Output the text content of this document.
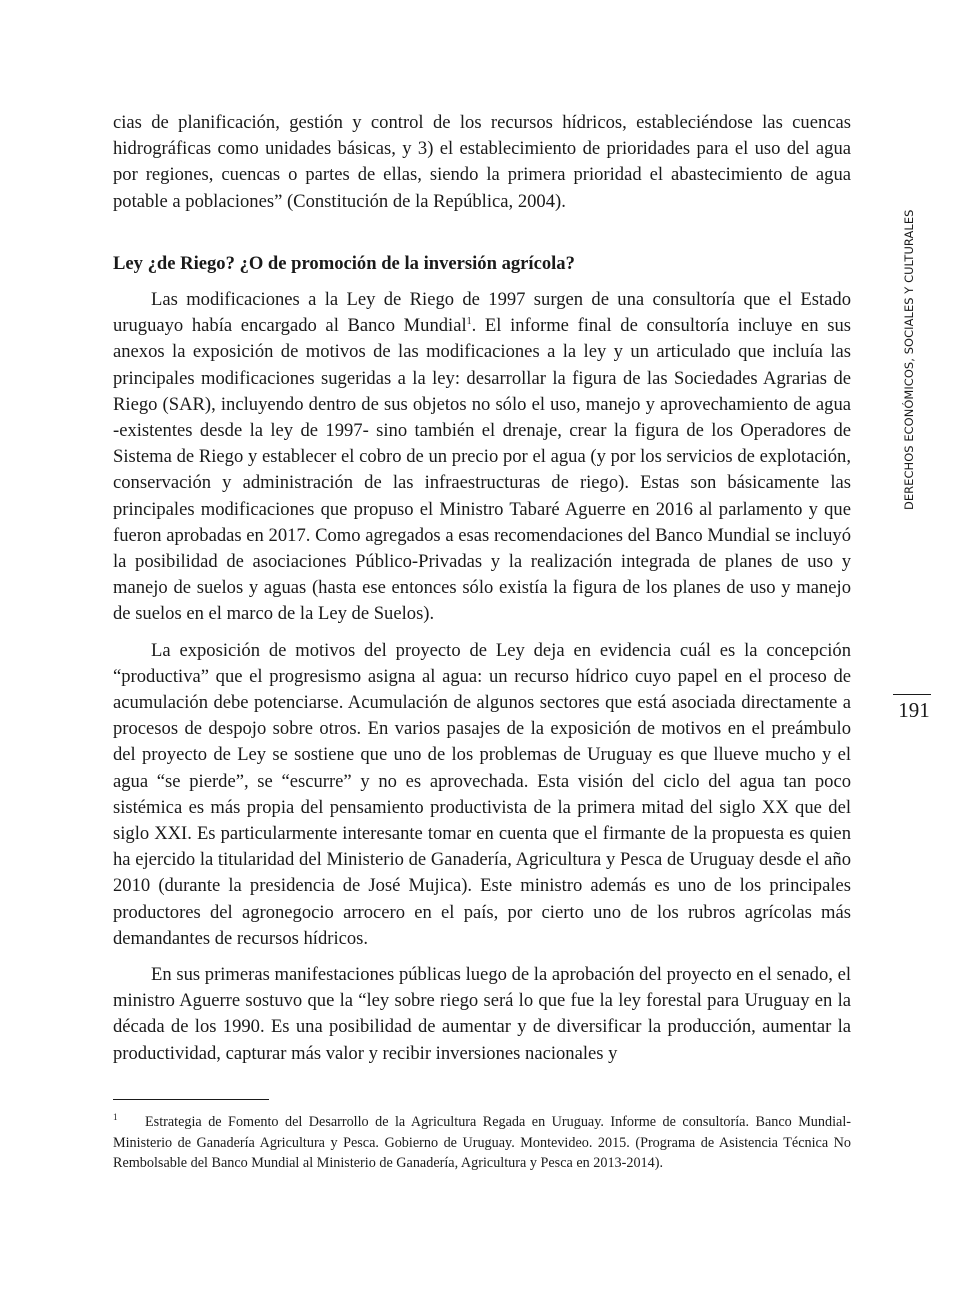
cias de planificación, gestión y control de los recursos hídricos, estableciéndose las cuencas hidrográficas como unidades básicas, y 3) el establecimiento de prioridades para el uso del agua por regiones, cuencas o partes de ellas, siendo la primera prioridad el abastecimiento de agua potable a poblaciones” (Constitución de la República, 2004).

Ley ¿de Riego? ¿O de promoción de la inversión agrícola?

Las modificaciones a la Ley de Riego de 1997 surgen de una consultoría que el Estado uruguayo había encargado al Banco Mundial$^1$. El informe final de consultoría incluye en sus anexos la exposición de motivos de las modificaciones a la ley y un articulado que incluía las principales modificaciones sugeridas a la ley: desarrollar la figura de las Sociedades Agrarias de Riego (SAR), incluyendo dentro de sus objetos no sólo el uso, manejo y aprovechamiento de agua -existentes desde la ley de 1997- sino también el drenaje, crear la figura de los Operadores de Sistema de Riego y establecer el cobro de un precio por el agua (y por los servicios de explotación, conservación y administración de las infraestructuras de riego). Estas son básicamente las principales modificaciones que propuso el Ministro Tabaré Aguerre en 2016 al parlamento y que fueron aprobadas en 2017. Como agregados a esas recomendaciones del Banco Mundial se incluyó la posibilidad de asociaciones Público-Privadas y la realización integrada de planes de uso y manejo de suelos y aguas (hasta ese entonces sólo existía la figura de los planes de uso y manejo de suelos en el marco de la Ley de Suelos).

La exposición de motivos del proyecto de Ley deja en evidencia cuál es la concepción “productiva” que el progresismo asigna al agua: un recurso hídrico cuyo papel en el proceso de acumulación debe potenciarse. Acumulación de algunos sectores que está asociada directamente a procesos de despojo sobre otros. En varios pasajes de la exposición de motivos en el preámbulo del proyecto de Ley se sostiene que uno de los problemas de Uruguay es que llueve mucho y el agua “se pierde”, se “escurre” y no es aprovechada. Esta visión del ciclo del agua tan poco sistémica es más propia del pensamiento productivista de la primera mitad del siglo XX que del siglo XXI. Es particularmente interesante tomar en cuenta que el firmante de la propuesta es quien ha ejercido la titularidad del Ministerio de Ganadería, Agricultura y Pesca de Uruguay desde el año 2010 (durante la presidencia de José Mujica). Este ministro además es uno de los principales productores del agronegocio arrocero en el país, por cierto uno de los rubros agrícolas más demandantes de recursos hídricos.

En sus primeras manifestaciones públicas luego de la aprobación del proyecto en el senado, el ministro Aguerre sostuvo que la “ley sobre riego será lo que fue la ley forestal para Uruguay en la década de los 1990. Es una posibilidad de aumentar y de diversificar la producción, aumentar la productividad, capturar más valor y recibir inversiones nacionales y

1 Estrategia de Fomento del Desarrollo de la Agricultura Regada en Uruguay. Informe de consultoría. Banco Mundial-Ministerio de Ganadería Agricultura y Pesca. Gobierno de Uruguay. Montevideo. 2015. (Programa de Asistencia Técnica No Rembolsable del Banco Mundial al Ministerio de Ganadería, Agricultura y Pesca en 2013-2014).
DERECHOS ECONÓMICOS, SOCIALES Y CULTURALES
191
